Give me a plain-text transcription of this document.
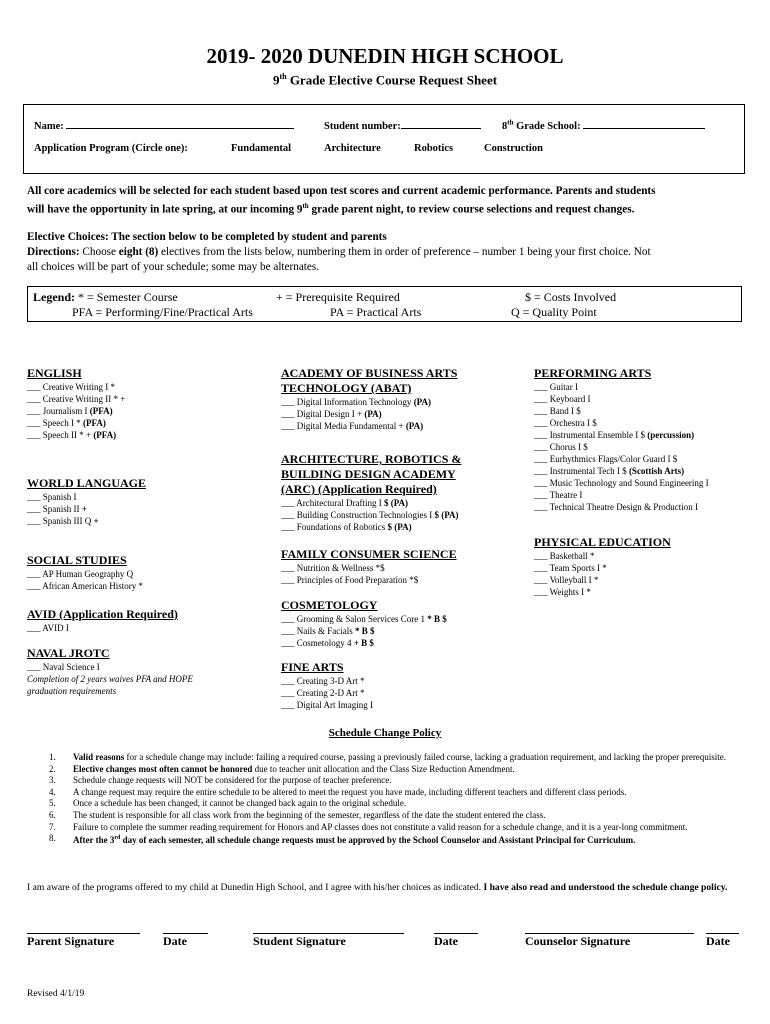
2019- 2020 DUNEDIN HIGH SCHOOL
9th Grade Elective Course Request Sheet
Name:	Student number:	8th Grade School:
Application Program (Circle one):	Fundamental	Architecture	Robotics	Construction
All core academics will be selected for each student based upon test scores and current academic performance. Parents and students
will have the opportunity in late spring, at our incoming 9th grade parent night, to review course selections and request changes.
Elective Choices: The section below to be completed by student and parents
Directions: Choose eight (8) electives from the lists below, numbering them in order of preference – number 1 being your first choice. Not
all choices will be part of your schedule; some may be alternates.
Legend: * = Semester Course	+ = Prerequisite Required	$ = Costs Involved
PFA = Performing/Fine/Practical Arts	PA = Practical Arts	Q = Quality Point
ENGLISH
___ Creative Writing I *
___ Creative Writing II * +
___ Journalism I (PFA)
___ Speech I * (PFA)
___ Speech II * + (PFA)
WORLD LANGUAGE
___ Spanish I
___ Spanish II +
___ Spanish III Q +
SOCIAL STUDIES
___ AP Human Geography Q
___ African American History *
AVID (Application Required)
___ AVID I
NAVAL JROTC
___ Naval Science I
Completion of 2 years waives PFA and HOPE
graduation requirements
ACADEMY OF BUSINESS ARTS
TECHNOLOGY (ABAT)
___ Digital Information Technology (PA)
___ Digital Design I + (PA)
___ Digital Media Fundamental + (PA)
ARCHITECTURE, ROBOTICS &
BUILDING DESIGN ACADEMY
(ARC) (Application Required)
___ Architectural Drafting I $ (PA)
___ Building Construction Technologies I $ (PA)
___ Foundations of Robotics $ (PA)
FAMILY CONSUMER SCIENCE
___ Nutrition & Wellness *$
___ Principles of Food Preparation *$
COSMETOLOGY
___ Grooming & Salon Services Core 1 * B $
___ Nails & Facials * B $
___ Cosmetology 4 + B $
FINE ARTS
___ Creating 3-D Art *
___ Creating 2-D Art *
___ Digital Art Imaging I
PERFORMING ARTS
___ Guitar I
___ Keyboard I
___ Band I $
___ Orchestra I $
___ Instrumental Ensemble I $ (percussion)
___ Chorus I $
___ Eurhythmics Flags/Color Guard I $
___ Instrumental Tech I $ (Scottish Arts)
___ Music Technology and Sound Engineering I
___ Theatre I
___ Technical Theatre Design & Production I
PHYSICAL EDUCATION
___ Basketball *
___ Team Sports I *
___ Volleyball I *
___ Weights I *
Schedule Change Policy
1. Valid reasons for a schedule change may include: failing a required course, passing a previously failed course, lacking a graduation requirement, and lacking the proper prerequisite.
2. Elective changes most often cannot be honored due to teacher unit allocation and the Class Size Reduction Amendment.
3. Schedule change requests will NOT be considered for the purpose of teacher preference.
4. A change request may require the entire schedule to be altered to meet the request you have made, including different teachers and different class periods.
5. Once a schedule has been changed, it cannot be changed back again to the original schedule.
6. The student is responsible for all class work from the beginning of the semester, regardless of the date the student entered the class.
7. Failure to complete the summer reading requirement for Honors and AP classes does not constitute a valid reason for a schedule change, and it is a year-long commitment.
8. After the 3rd day of each semester, all schedule change requests must be approved by the School Counselor and Assistant Principal for Curriculum.
I am aware of the programs offered to my child at Dunedin High School, and I agree with his/her choices as indicated. I have also read and understood the schedule change policy.
Parent Signature	Date	Student Signature	Date	Counselor Signature	Date
Revised 4/1/19
